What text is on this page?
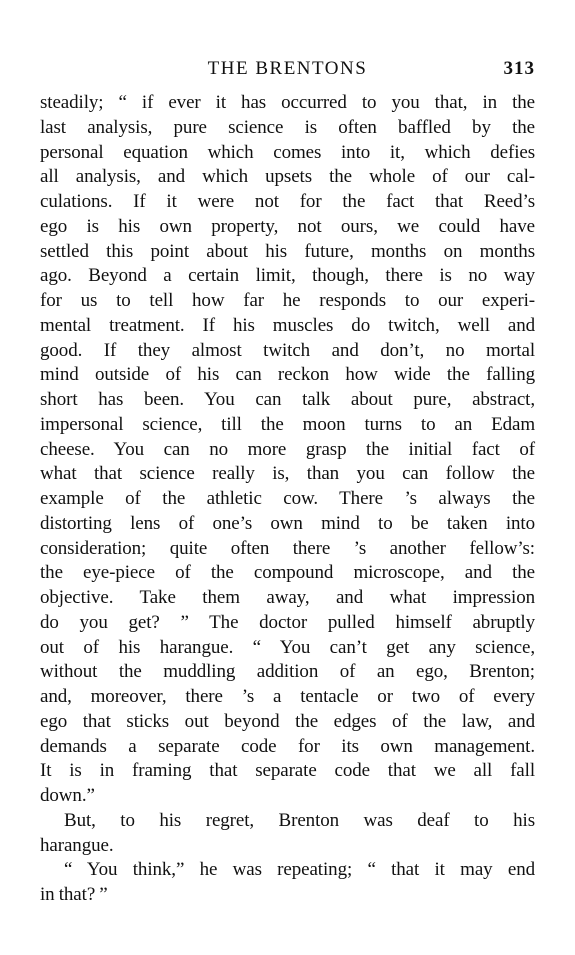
THE BRENTONS	313
steadily; “ if ever it has occurred to you that, in the
last analysis, pure science is often baffled by the
personal equation which comes into it, which defies
all analysis, and which upsets the whole of our cal-
culations. If it were not for the fact that Reed’s
ego is his own property, not ours, we could have
settled this point about his future, months on months
ago. Beyond a certain limit, though, there is no way
for us to tell how far he responds to our experi-
mental treatment. If his muscles do twitch, well and
good. If they almost twitch and don’t, no mortal
mind outside of his can reckon how wide the falling
short has been. You can talk about pure, abstract,
impersonal science, till the moon turns to an Edam
cheese. You can no more grasp the initial fact of
what that science really is, than you can follow the
example of the athletic cow. There ’s always the
distorting lens of one’s own mind to be taken into
consideration; quite often there ’s another fellow’s:
the eye-piece of the compound microscope, and the
objective. Take them away, and what impression
do you get? ” The doctor pulled himself abruptly
out of his harangue. “ You can’t get any science,
without the muddling addition of an ego, Brenton;
and, moreover, there ’s a tentacle or two of every
ego that sticks out beyond the edges of the law, and
demands a separate code for its own management.
It is in framing that separate code that we all fall
down.”
But, to his regret, Brenton was deaf to his
harangue.
“ You think,” he was repeating; “ that it may end
in that? ”
